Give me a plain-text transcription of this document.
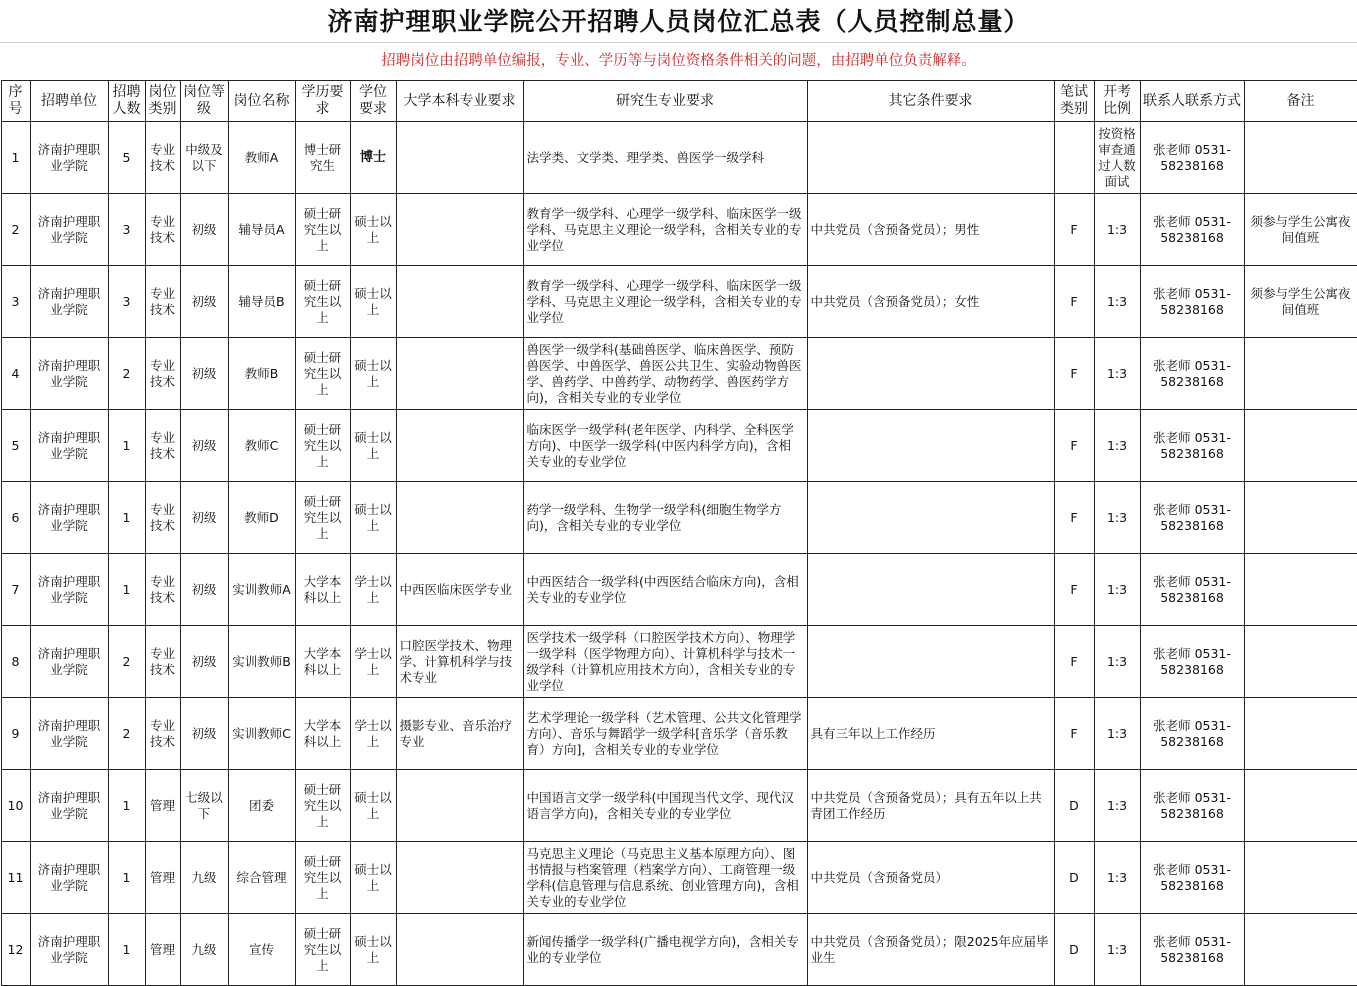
济南护理职业学院公开招聘人员岗位汇总表（人员控制总量）
招聘岗位由招聘单位编报，专业、学历等与岗位资格条件相关的问题，由招聘单位负责解释。
序号	招聘单位	招聘人数	岗位类别	岗位等级	岗位名称	学历要求	学位要求	大学本科专业要求	研究生专业要求	其它条件要求	笔试类别	开考比例	联系人联系方式	备注
1	济南护理职业学院	5	专业技术	中级及以下	教师A	博士研究生	博士		法学类、文学类、理学类、兽医学一级学科			按资格审查通过人数面试	张老师 0531-58238168	
2	济南护理职业学院	3	专业技术	初级	辅导员A	硕士研究生以上	硕士以上		教育学一级学科、心理学一级学科、临床医学一级学科、马克思主义理论一级学科，含相关专业的专业学位	中共党员（含预备党员）；男性	F	1:3	张老师 0531-58238168	须参与学生公寓夜间值班
3	济南护理职业学院	3	专业技术	初级	辅导员B	硕士研究生以上	硕士以上		教育学一级学科、心理学一级学科、临床医学一级学科、马克思主义理论一级学科，含相关专业的专业学位	中共党员（含预备党员）；女性	F	1:3	张老师 0531-58238168	须参与学生公寓夜间值班
4	济南护理职业学院	2	专业技术	初级	教师B	硕士研究生以上	硕士以上		兽医学一级学科(基础兽医学、临床兽医学、预防兽医学、中兽医学、兽医公共卫生、实验动物兽医学、兽药学、中兽药学、动物药学、兽医药学方向)，含相关专业的专业学位		F	1:3	张老师 0531-58238168	
5	济南护理职业学院	1	专业技术	初级	教师C	硕士研究生以上	硕士以上		临床医学一级学科(老年医学、内科学、全科医学方向)、中医学一级学科(中医内科学方向)，含相关专业的专业学位		F	1:3	张老师 0531-58238168	
6	济南护理职业学院	1	专业技术	初级	教师D	硕士研究生以上	硕士以上		药学一级学科、生物学一级学科(细胞生物学方向)，含相关专业的专业学位		F	1:3	张老师 0531-58238168	
7	济南护理职业学院	1	专业技术	初级	实训教师A	大学本科以上	学士以上	中西医临床医学专业	中西医结合一级学科(中西医结合临床方向)，含相关专业的专业学位		F	1:3	张老师 0531-58238168	
8	济南护理职业学院	2	专业技术	初级	实训教师B	大学本科以上	学士以上	口腔医学技术、物理学、计算机科学与技术专业	医学技术一级学科（口腔医学技术方向）、物理学一级学科（医学物理方向）、计算机科学与技术一级学科（计算机应用技术方向），含相关专业的专业学位		F	1:3	张老师 0531-58238168	
9	济南护理职业学院	2	专业技术	初级	实训教师C	大学本科以上	学士以上	摄影专业、音乐治疗专业	艺术学理论一级学科（艺术管理、公共文化管理学方向）、音乐与舞蹈学一级学科[音乐学（音乐教育）方向]，含相关专业的专业学位	具有三年以上工作经历	F	1:3	张老师 0531-58238168	
10	济南护理职业学院	1	管理	七级以下	团委	硕士研究生以上	硕士以上		中国语言文学一级学科(中国现当代文学、现代汉语言学方向)，含相关专业的专业学位	中共党员（含预备党员）；具有五年以上共青团工作经历	D	1:3	张老师 0531-58238168	
11	济南护理职业学院	1	管理	九级	综合管理	硕士研究生以上	硕士以上		马克思主义理论（马克思主义基本原理方向）、图书情报与档案管理（档案学方向）、工商管理一级学科(信息管理与信息系统、创业管理方向)，含相关专业的专业学位	中共党员（含预备党员）	D	1:3	张老师 0531-58238168	
12	济南护理职业学院	1	管理	九级	宣传	硕士研究生以上	硕士以上		新闻传播学一级学科(广播电视学方向)，含相关专业的专业学位	中共党员（含预备党员）；限2025年应届毕业生	D	1:3	张老师 0531-58238168	
